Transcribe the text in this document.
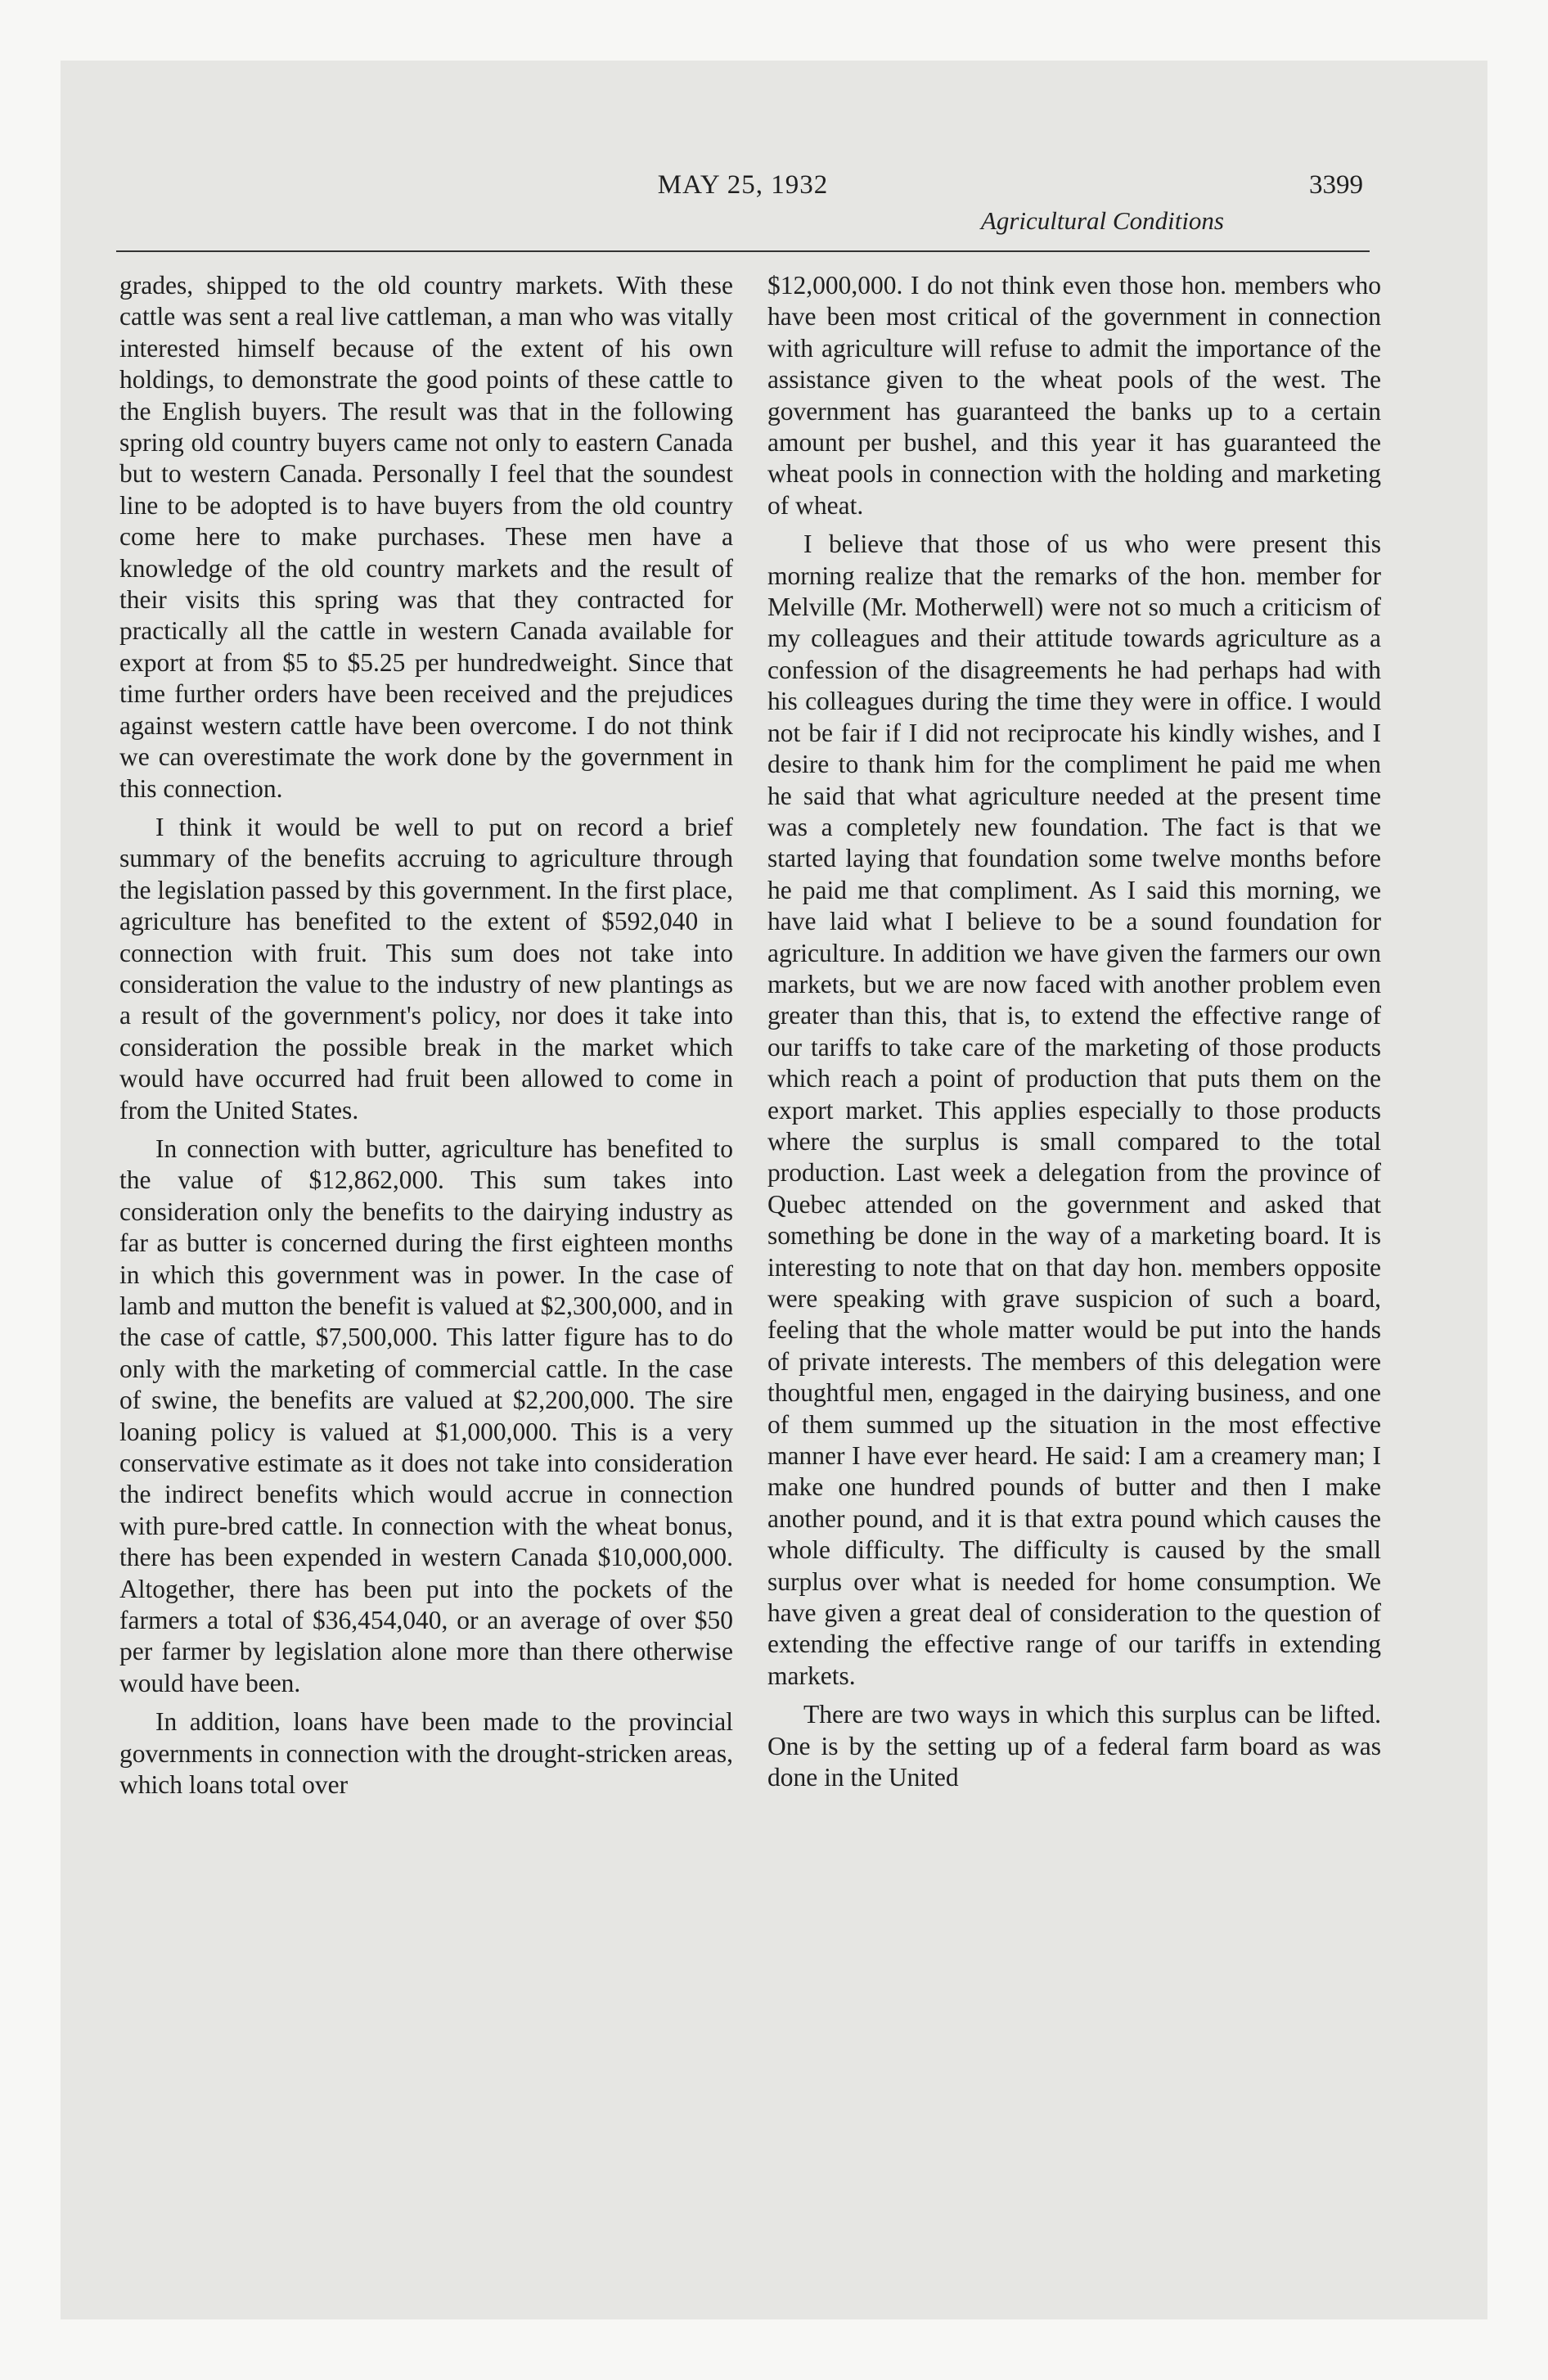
MAY 25, 1932
Agricultural Conditions
3399

grades, shipped to the old country markets. With these cattle was sent a real live cattleman, a man who was vitally interested himself because of the extent of his own holdings, to demonstrate the good points of these cattle to the English buyers. The result was that in the following spring old country buyers came not only to eastern Canada but to western Canada. Personally I feel that the soundest line to be adopted is to have buyers from the old country come here to make purchases. These men have a knowledge of the old country markets and the result of their visits this spring was that they contracted for practically all the cattle in western Canada available for export at from $5 to $5.25 per hundredweight. Since that time further orders have been received and the prejudices against western cattle have been overcome. I do not think we can overestimate the work done by the government in this connection.

I think it would be well to put on record a brief summary of the benefits accruing to agriculture through the legislation passed by this government. In the first place, agriculture has benefited to the extent of $592,040 in connection with fruit. This sum does not take into consideration the value to the industry of new plantings as a result of the government's policy, nor does it take into consideration the possible break in the market which would have occurred had fruit been allowed to come in from the United States.

In connection with butter, agriculture has benefited to the value of $12,862,000. This sum takes into consideration only the benefits to the dairying industry as far as butter is concerned during the first eighteen months in which this government was in power. In the case of lamb and mutton the benefit is valued at $2,300,000, and in the case of cattle, $7,500,000. This latter figure has to do only with the marketing of commercial cattle. In the case of swine, the benefits are valued at $2,200,000. The sire loaning policy is valued at $1,000,000. This is a very conservative estimate as it does not take into consideration the indirect benefits which would accrue in connection with pure-bred cattle. In connection with the wheat bonus, there has been expended in western Canada $10,000,000. Altogether, there has been put into the pockets of the farmers a total of $36,454,040, or an average of over $50 per farmer by legislation alone more than there otherwise would have been.

In addition, loans have been made to the provincial governments in connection with the drought-stricken areas, which loans total over

$12,000,000. I do not think even those hon. members who have been most critical of the government in connection with agriculture will refuse to admit the importance of the assistance given to the wheat pools of the west. The government has guaranteed the banks up to a certain amount per bushel, and this year it has guaranteed the wheat pools in connection with the holding and marketing of wheat.

I believe that those of us who were present this morning realize that the remarks of the hon. member for Melville (Mr. Motherwell) were not so much a criticism of my colleagues and their attitude towards agriculture as a confession of the disagreements he had perhaps had with his colleagues during the time they were in office. I would not be fair if I did not reciprocate his kindly wishes, and I desire to thank him for the compliment he paid me when he said that what agriculture needed at the present time was a completely new foundation. The fact is that we started laying that foundation some twelve months before he paid me that compliment. As I said this morning, we have laid what I believe to be a sound foundation for agriculture. In addition we have given the farmers our own markets, but we are now faced with another problem even greater than this, that is, to extend the effective range of our tariffs to take care of the marketing of those products which reach a point of production that puts them on the export market. This applies especially to those products where the surplus is small compared to the total production. Last week a delegation from the province of Quebec attended on the government and asked that something be done in the way of a marketing board. It is interesting to note that on that day hon. members opposite were speaking with grave suspicion of such a board, feeling that the whole matter would be put into the hands of private interests. The members of this delegation were thoughtful men, engaged in the dairying business, and one of them summed up the situation in the most effective manner I have ever heard. He said: I am a creamery man; I make one hundred pounds of butter and then I make another pound, and it is that extra pound which causes the whole difficulty. The difficulty is caused by the small surplus over what is needed for home consumption. We have given a great deal of consideration to the question of extending the effective range of our tariffs in extending markets.

There are two ways in which this surplus can be lifted. One is by the setting up of a federal farm board as was done in the United
